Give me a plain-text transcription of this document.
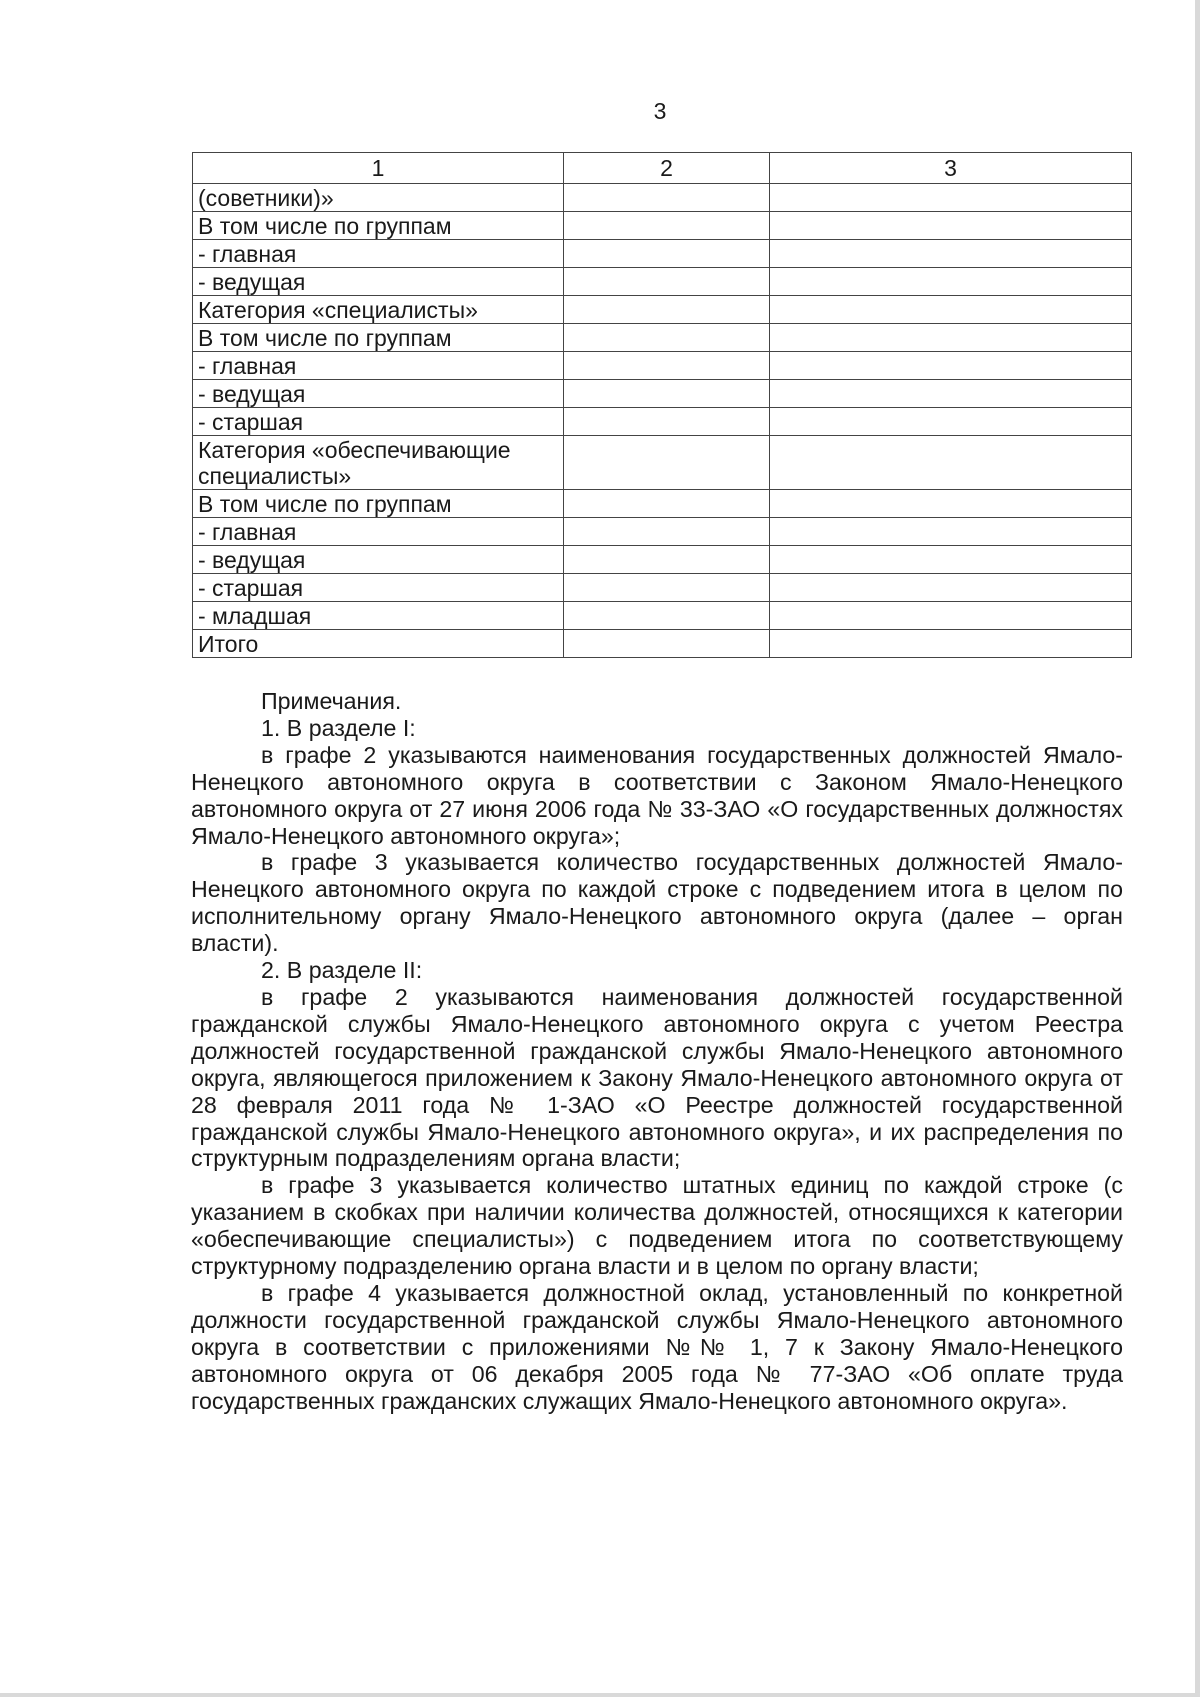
3
1	2	3
(советники)»		
В том числе по группам		
- главная		
- ведущая		
Категория «специалисты»		
В том числе по группам		
- главная		
- ведущая		
- старшая		
Категория «обеспечивающие специалисты»		
В том числе по группам		
- главная		
- ведущая		
- старшая		
- младшая		
Итого		

Примечания.

1. В разделе I:

в графе 2 указываются наименования государственных должностей Ямало-Ненецкого автономного округа в соответствии с Законом Ямало-Ненецкого автономного округа от 27 июня 2006 года № 33-ЗАО «О государственных должностях Ямало-Ненецкого автономного округа»;

в графе 3 указывается количество государственных должностей Ямало-Ненецкого автономного округа по каждой строке с подведением итога в целом по исполнительному органу Ямало-Ненецкого автономного округа (далее – орган власти).

2. В разделе II:

в графе 2 указываются наименования должностей государственной гражданской службы Ямало-Ненецкого автономного округа с учетом Реестра должностей государственной гражданской службы Ямало-Ненецкого автономного округа, являющегося приложением к Закону Ямало-Ненецкого автономного округа от 28 февраля 2011 года № 1-ЗАО «О Реестре должностей государственной гражданской службы Ямало-Ненецкого автономного округа», и их распределения по структурным подразделениям органа власти;

в графе 3 указывается количество штатных единиц по каждой строке (с указанием в скобках при наличии количества должностей, относящихся к категории «обеспечивающие специалисты») с подведением итога по соответствующему структурному подразделению органа власти и в целом по органу власти;

в графе 4 указывается должностной оклад, установленный по конкретной должности государственной гражданской службы Ямало-Ненецкого автономного округа в соответствии с приложениями №№ 1, 7 к Закону Ямало-Ненецкого автономного округа от 06 декабря 2005 года № 77-ЗАО «Об оплате труда государственных гражданских служащих Ямало-Ненецкого автономного округа».
